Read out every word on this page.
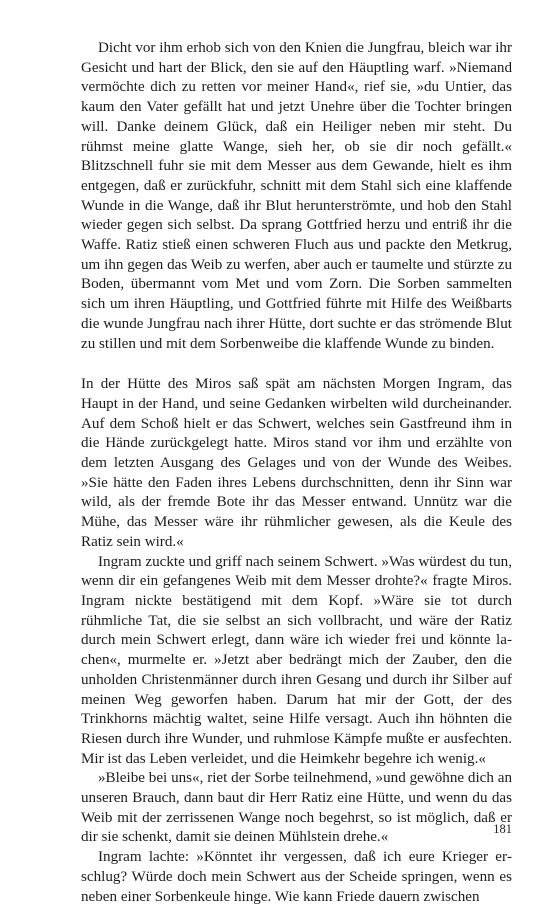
Dicht vor ihm erhob sich von den Knien die Jungfrau, bleich war ihr Gesicht und hart der Blick, den sie auf den Häuptling warf. »Niemand vermöchte dich zu retten vor meiner Hand«, rief sie, »du Untier, das kaum den Vater gefällt hat und jetzt Unehre über die Tochter bringen will. Danke deinem Glück, daß ein Heiliger neben mir steht. Du rühmst meine glatte Wange, sieh her, ob sie dir noch gefällt.« Blitzschnell fuhr sie mit dem Messer aus dem Gewande, hielt es ihm entgegen, daß er zurückfuhr, schnitt mit dem Stahl sich eine klaffende Wunde in die Wange, daß ihr Blut herunterströmte, und hob den Stahl wieder gegen sich selbst. Da sprang Gottfried herzu und entriß ihr die Waffe. Ratiz stieß einen schweren Fluch aus und packte den Metkrug, um ihn gegen das Weib zu werfen, aber auch er taumelte und stürzte zu Boden, übermannt vom Met und vom Zorn. Die Sorben sammelten sich um ihren Häuptling, und Gottfried führte mit Hilfe des Weißbarts die wunde Jungfrau nach ihrer Hütte, dort suchte er das strömende Blut zu stillen und mit dem Sorbenweibe die klaffende Wunde zu binden.

In der Hütte des Miros saß spät am nächsten Morgen Ingram, das Haupt in der Hand, und seine Gedanken wirbelten wild durcheinander. Auf dem Schoß hielt er das Schwert, welches sein Gastfreund ihm in die Hände zurückgelegt hatte. Miros stand vor ihm und erzählte von dem letzten Ausgang des Gelages und von der Wunde des Weibes. »Sie hätte den Faden ihres Lebens durchschnitten, denn ihr Sinn war wild, als der fremde Bote ihr das Messer entwand. Unnütz war die Mühe, das Messer wäre ihr rühmlicher gewesen, als die Keule des Ratiz sein wird.«

Ingram zuckte und griff nach seinem Schwert. »Was würdest du tun, wenn dir ein gefangenes Weib mit dem Messer drohte?« fragte Miros. Ingram nickte bestätigend mit dem Kopf. »Wäre sie tot durch rühmliche Tat, die sie selbst an sich vollbracht, und wäre der Ratiz durch mein Schwert erlegt, dann wäre ich wieder frei und könnte lachen«, murmelte er. »Jetzt aber bedrängt mich der Zauber, den die unholden Christenmänner durch ihren Gesang und durch ihr Silber auf meinen Weg geworfen haben. Darum hat mir der Gott, der des Trinkhorns mächtig waltet, seine Hilfe versagt. Auch ihn höhnten die Riesen durch ihre Wunder, und ruhmlose Kämpfe mußte er ausfechten. Mir ist das Leben verleidet, und die Heimkehr begehre ich wenig.«

»Bleibe bei uns«, riet der Sorbe teilnehmend, »und gewöhne dich an unseren Brauch, dann baut dir Herr Ratiz eine Hütte, und wenn du das Weib mit der zerrissenen Wange noch begehrst, so ist möglich, daß er dir sie schenkt, damit sie deinen Mühlstein drehe.«

Ingram lachte: »Könntet ihr vergessen, daß ich eure Krieger erschlug? Würde doch mein Schwert aus der Scheide springen, wenn es neben einer Sorbenkeule hinge. Wie kann Friede dauern zwischen

181
